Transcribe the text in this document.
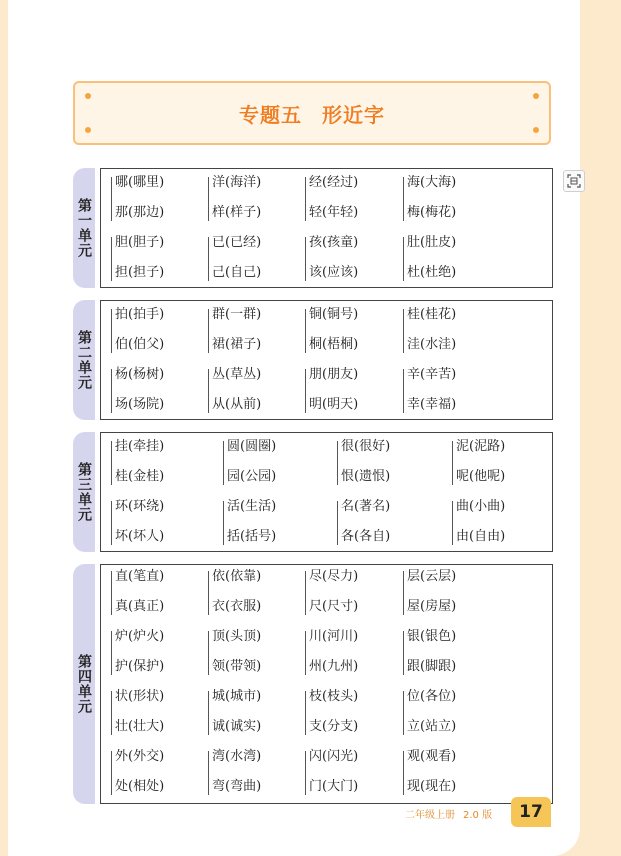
专题五 形近字
第一单元
哪(哪里)
那(那边)
胆(胆子)
担(担子)
洋(海洋)
样(样子)
已(已经)
己(自己)
经(经过)
轻(年轻)
孩(孩童)
该(应该)
海(大海)
梅(梅花)
肚(肚皮)
杜(杜绝)
第二单元
拍(拍手)
伯(伯父)
杨(杨树)
场(场院)
群(一群)
裙(裙子)
丛(草丛)
从(从前)
铜(铜号)
桐(梧桐)
朋(朋友)
明(明天)
桂(桂花)
洼(水洼)
辛(辛苦)
幸(幸福)
第三单元
挂(牵挂)
桂(金桂)
环(环绕)
坏(坏人)
圆(圆圈)
园(公园)
活(生活)
括(括号)
很(很好)
恨(遗恨)
名(著名)
各(各自)
泥(泥路)
呢(他呢)
曲(小曲)
由(自由)
第四单元
直(笔直)
真(真正)
炉(炉火)
护(保护)
状(形状)
壮(壮大)
外(外交)
处(相处)
依(依靠)
衣(衣服)
顶(头顶)
领(带领)
城(城市)
诚(诚实)
湾(水湾)
弯(弯曲)
尽(尽力)
尺(尺寸)
川(河川)
州(九州)
枝(枝头)
支(分支)
闪(闪光)
门(大门)
层(云层)
屋(房屋)
银(银色)
跟(脚跟)
位(各位)
立(站立)
观(观看)
现(现在)
二年级上册 2.0 版	17
